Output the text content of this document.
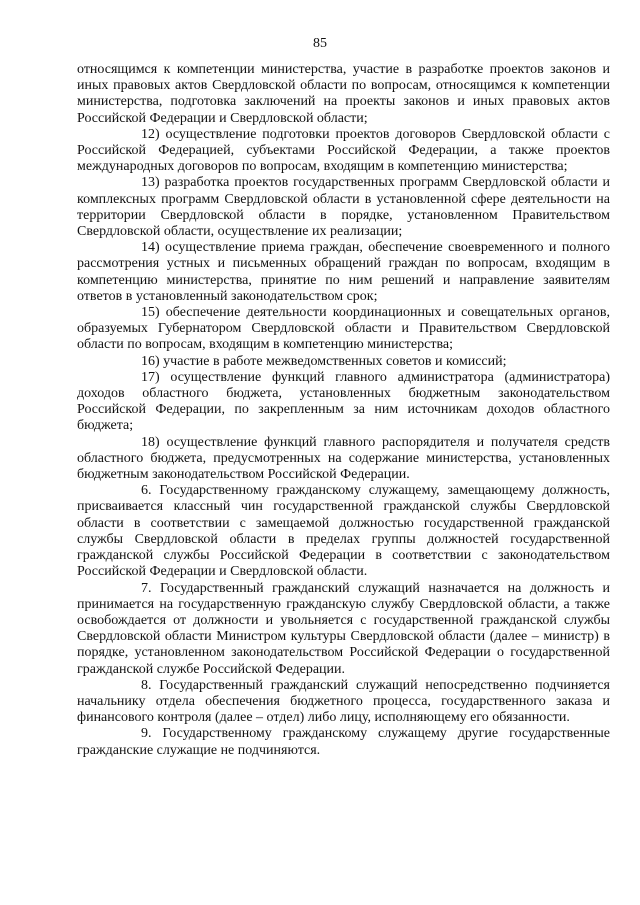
85

относящимся к компетенции министерства, участие в разработке проектов законов и иных правовых актов Свердловской области по вопросам, относящимся к компетенции министерства, подготовка заключений на проекты законов и иных правовых актов Российской Федерации и Свердловской области;

12) осуществление подготовки проектов договоров Свердловской области с Российской Федерацией, субъектами Российской Федерации, а также проектов международных договоров по вопросам, входящим в компетенцию министерства;

13) разработка проектов государственных программ Свердловской области и комплексных программ Свердловской области в установленной сфере деятельности на территории Свердловской области в порядке, установленном Правительством Свердловской области, осуществление их реализации;

14) осуществление приема граждан, обеспечение своевременного и полного рассмотрения устных и письменных обращений граждан по вопросам, входящим в компетенцию министерства, принятие по ним решений и направление заявителям ответов в установленный законодательством срок;

15) обеспечение деятельности координационных и совещательных органов, образуемых Губернатором Свердловской области и Правительством Свердловской области по вопросам, входящим в компетенцию министерства;

16) участие в работе межведомственных советов и комиссий;

17) осуществление функций главного администратора (администратора) доходов областного бюджета, установленных бюджетным законодательством Российской Федерации, по закрепленным за ним источникам доходов областного бюджета;

18) осуществление функций главного распорядителя и получателя средств областного бюджета, предусмотренных на содержание министерства, установленных бюджетным законодательством Российской Федерации.

6. Государственному гражданскому служащему, замещающему должность, присваивается классный чин государственной гражданской службы Свердловской области в соответствии с замещаемой должностью государственной гражданской службы Свердловской области в пределах группы должностей государственной гражданской службы Российской Федерации в соответствии с законодательством Российской Федерации и Свердловской области.

7. Государственный гражданский служащий назначается на должность и принимается на государственную гражданскую службу Свердловской области, а также освобождается от должности и увольняется с государственной гражданской службы Свердловской области Министром культуры Свердловской области (далее – министр) в порядке, установленном законодательством Российской Федерации о государственной гражданской службе Российской Федерации.

8. Государственный гражданский служащий непосредственно подчиняется начальнику отдела обеспечения бюджетного процесса, государственного заказа и финансового контроля (далее – отдел) либо лицу, исполняющему его обязанности.

9. Государственному гражданскому служащему другие государственные гражданские служащие не подчиняются.
